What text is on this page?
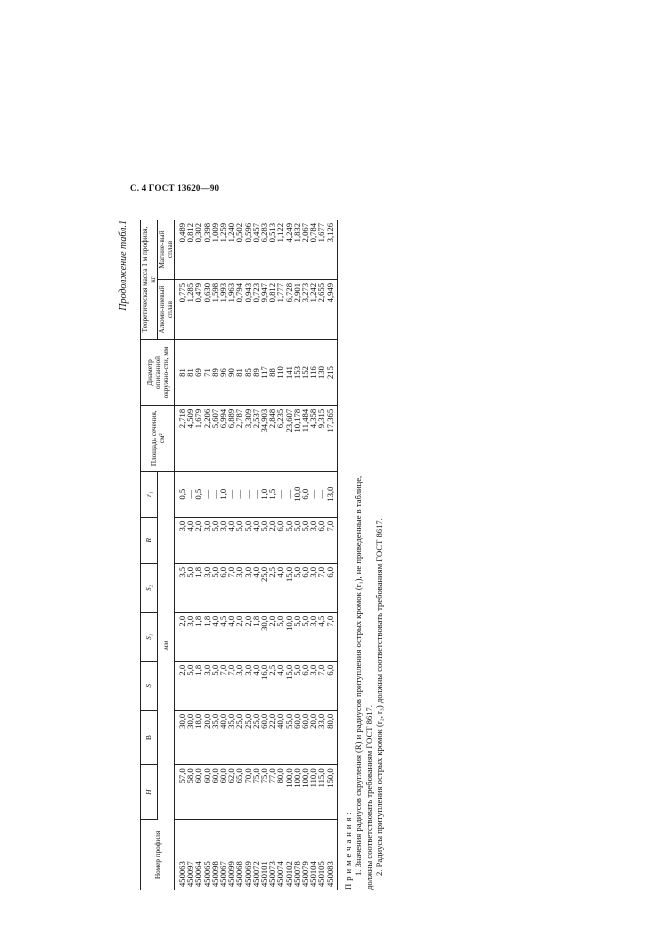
С. 4 ГОСТ 13620—90
Продолжение табл.1
Номер профиля	H	B	S	S₁	S₂	R	r₁	Площадь сечения, см²	Диаметр описанной окружно-сти, мм	Теоретическая масса 1 м профиля, кг	
	мм									Алюми-ниевый сплав	Магние-вый сплав
450063	57,0	30,0	2,0	2,0	3,5	3,0	0,5	2,718	81	0,775	0,489
450097	58,0	30,0	5,0	3,0	5,0	4,0	—	4,509	81	1,285	0,812
450064	60,0	18,0	1,8	1,8	1,8	2,0	0,5	1,679	69	0,479	0,302
450065	60,0	20,0	3,0	1,8	3,0	3,0	—	2,206	71	0,630	0,398
450098	60,0	35,0	5,0	4,0	5,0	5,0	—	5,607	89	1,598	1,009
450067	60,0	40,0	7,0	4,5	6,0	3,0	1,0	6,994	96	1,993	1,259
450099	62,0	35,0	7,0	4,0	7,0	4,0	—	6,889	90	1,963	1,240
450068	65,0	25,0	3,0	2,0	3,0	5,0	—	2,787	81	0,794	0,502
450069	70,0	25,0	3,0	2,0	3,0	5,0	—	3,309	85	0,943	0,596
450072	75,0	25,0	4,0	1,8	4,0	4,0	—	2,537	89	0,723	0,457
450101	75,0	60,0	16,0	30,0	25,0	5,0	1,0	34,903	117	9,947	6,283
450073	77,0	22,0	2,5	2,0	2,5	2,0	1,5	2,848	88	0,812	0,513
450074	80,0	40,0	4,0	5,0	4,0	6,0	—	6,235	110	1,777	1,122
450102	100,0	55,0	15,0	10,0	15,0	5,0	—	23,607	141	6,728	4,249
450078	100,0	60,0	5,0	5,0	5,0	5,0	10,0	10,178	153	2,901	1,832
450079	100,0	60,0	6,0	5,0	6,0	5,0	6,0	11,484	152	3,273	2,067
450104	110,0	20,0	3,0	3,0	3,0	3,0	—	4,358	116	1,242	0,784
450105	115,0	33,0	7,0	4,5	7,0	6,0	—	9,315	130	2,655	1,677
450083	150,0	80,0	6,0	7,0	6,0	7,0	13,0	17,365	215	4,949	3,126
Примечания: 1. Значения радиусов скругления (R) и радиусов притупления острых кромок (r₁), не приведенные в таблице, должны соответствовать требованиям ГОСТ 8617. 2. Радиусы притупления острых кромок (r₂, r₃) должны соответствовать требованиям ГОСТ 8617.
